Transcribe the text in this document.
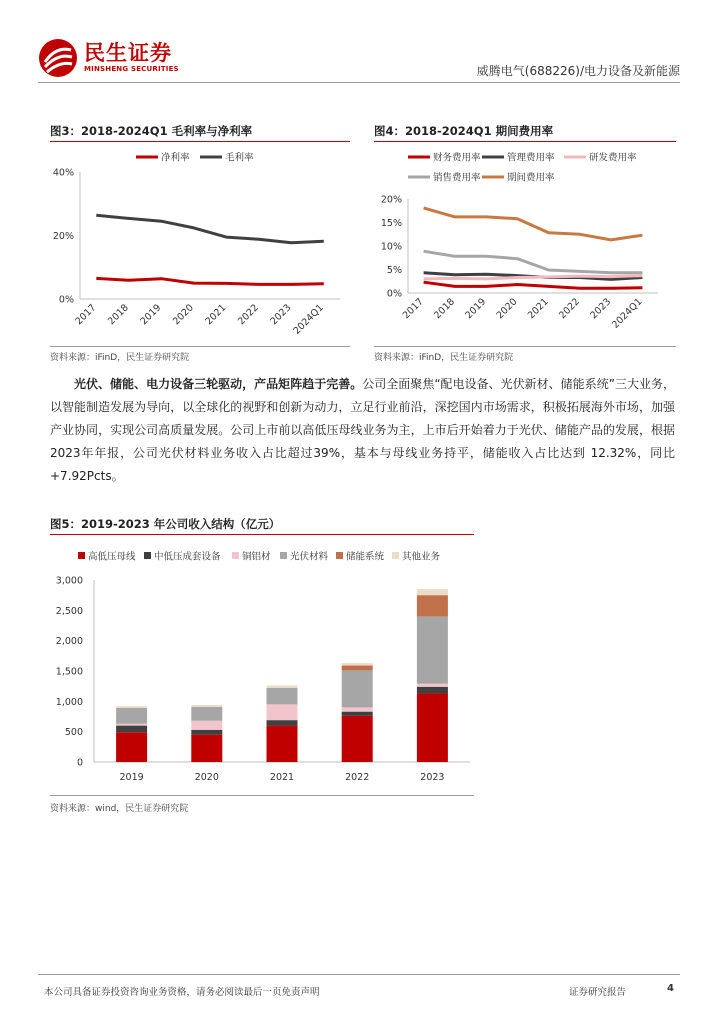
民生证券
MINSHENG SECURITIES	威腾电气(688226)/电力设备及新能源
图3：2018-2024Q1 毛利率与净利率
净利率	毛利率
0%
20%
40%
2017 2018 2019 2020 2021 2022 2023
2024Q1
资料来源：iFinD，民生证券研究院
图4：2018-2024Q1 期间费用率
财务费用率	管理费用率	研发费用率
销售费用率	期间费用率
0%
5%
10%
15%
20%
2017 2018 2019 2020 2021 2022 2023
2024Q1
资料来源：iFinD，民生证券研究院
光伏、储能、电力设备三轮驱动，产品矩阵趋于完善。公司全面聚焦“配电设备、光伏新材、储能系统”三大业务，以智能制造发展为导向，以全球化的视野和创新为动力，立足行业前沿，深挖国内市场需求，积极拓展海外市场，加强产业协同，实现公司高质量发展。公司上市前以高低压母线业务为主，上市后开始着力于光伏、储能产品的发展，根据2023年年报，公司光伏材料业务收入占比超过39%，基本与母线业务持平，储能收入占比达到 12.32%，同比+7.92Pcts。
图5：2019-2023 年公司收入结构（亿元）
高低压母线 中低压成套设备 铜铝材 光伏材料 储能系统 其他业务
0
500
1,000
1,500
2,000
2,500
3,000
2019	2020	2021	2022	2023
资料来源：wind，民生证券研究院
本公司具备证券投资咨询业务资格，请务必阅读最后一页免责声明	证券研究报告	4
